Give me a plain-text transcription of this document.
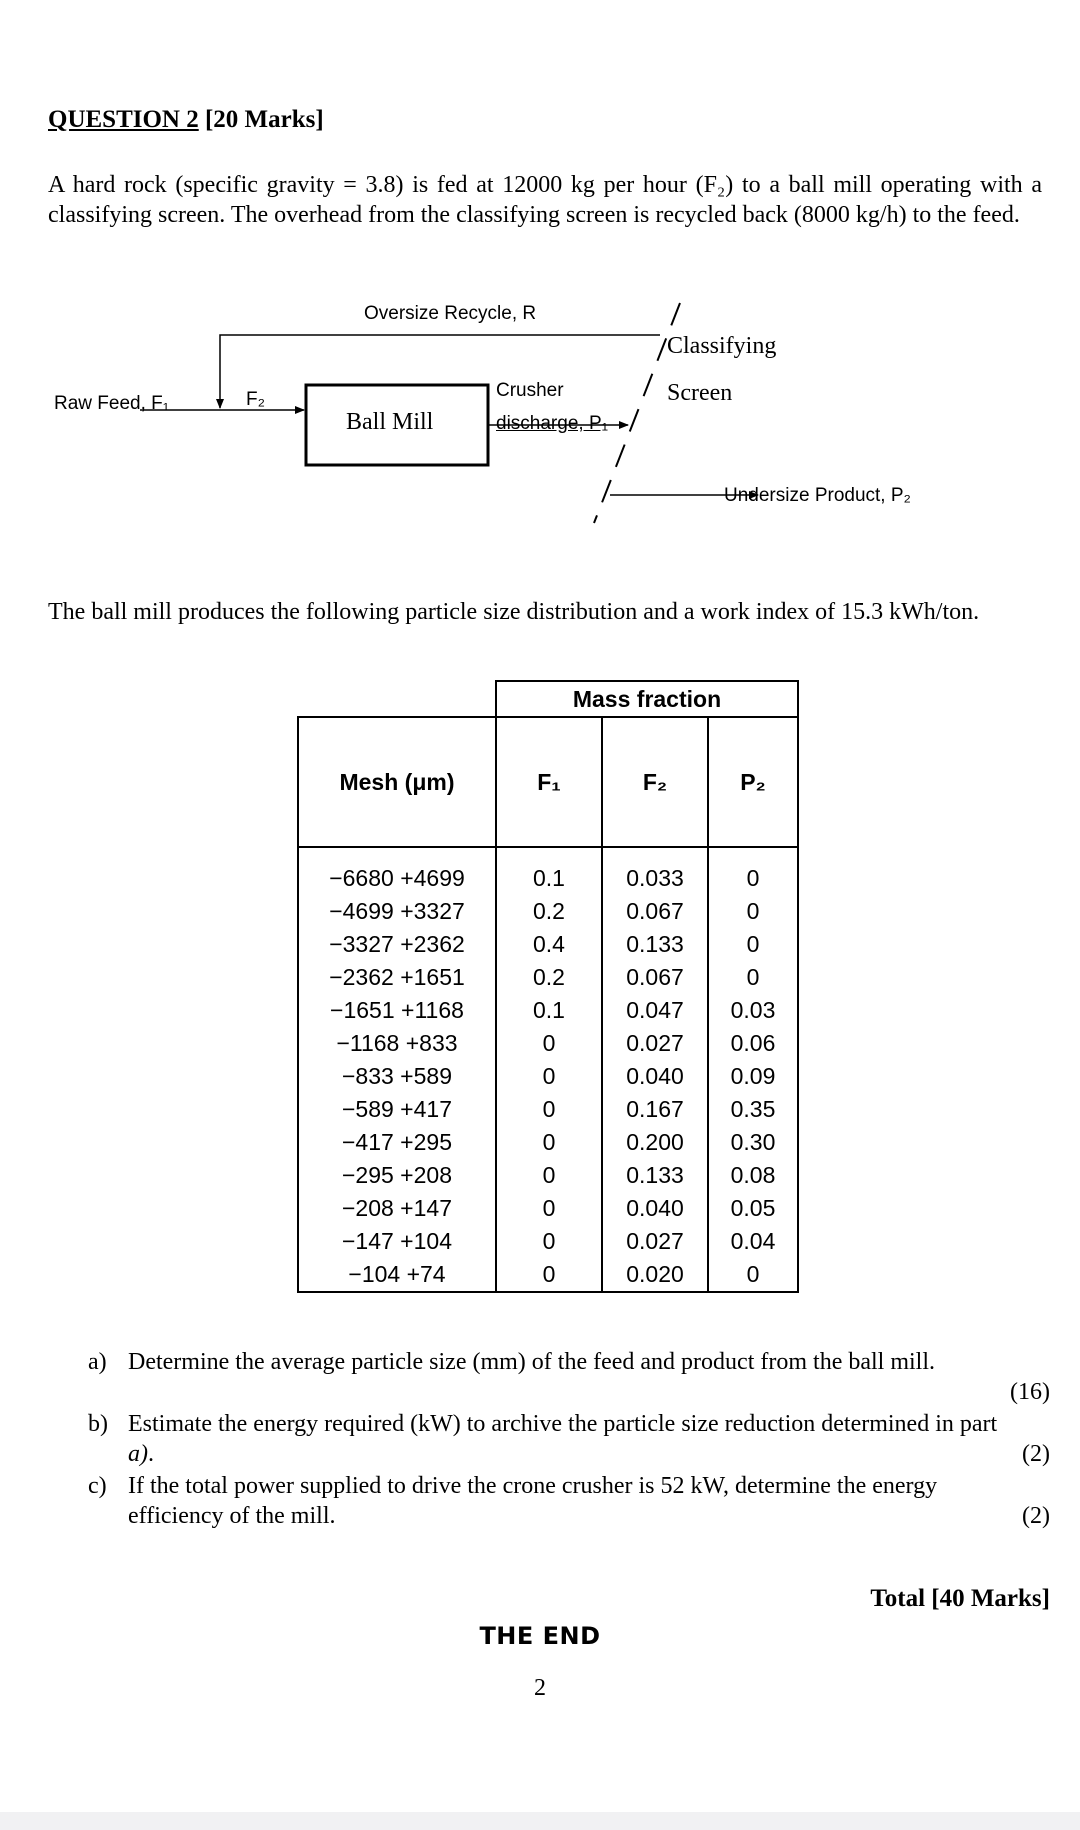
QUESTION 2 [20 Marks]
A hard rock (specific gravity = 3.8) is fed at 12000 kg per hour (F₂) to a ball mill operating with a classifying screen. The overhead from the classifying screen is recycled back (8000 kg/h) to the feed.
Oversize Recycle, R
Raw Feed, F₁	F₂
Ball Mill
Crusher
discharge, P₁
Classifying
Screen
Undersize Product, P₂
The ball mill produces the following particle size distribution and a work index of 15.3 kWh/ton.
	Mass fraction		
Mesh (μm)	F₁	F₂	P₂
−6680 +4699	0.1	0.033	0
−4699 +3327	0.2	0.067	0
−3327 +2362	0.4	0.133	0
−2362 +1651	0.2	0.067	0
−1651 +1168	0.1	0.047	0.03
−1168 +833	0	0.027	0.06
−833 +589	0	0.040	0.09
−589 +417	0	0.167	0.35
−417 +295	0	0.200	0.30
−295 +208	0	0.133	0.08
−208 +147	0	0.040	0.05
−147 +104	0	0.027	0.04
−104 +74	0	0.020	0
a) Determine the average particle size (mm) of the feed and product from the ball mill.
(16)
b)
(2)
Estimate the energy required (kW) to archive the particle size reduction determined in part a).
c)
(2)
If the total power supplied to drive the crone crusher is 52 kW, determine the energy efficiency of the mill.
Total [40 Marks]
THE END
2
